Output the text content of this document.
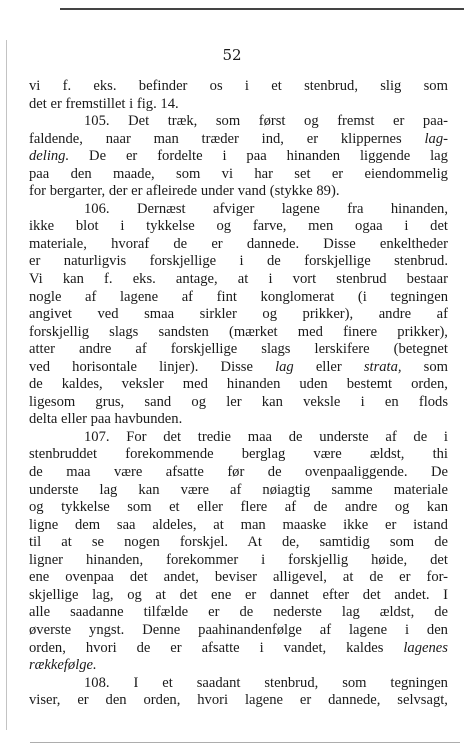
52
vi f. eks. befinder os i et stenbrud, slig som
det er fremstillet i fig. 14.
105. Det træk, som først og fremst er paa-
faldende, naar man træder ind, er klippernes lag-
deling. De er fordelte i paa hinanden liggende lag
paa den maade, som vi har set er eiendommelig
for bergarter, der er afleirede under vand (stykke 89).
106. Dernæst afviger lagene fra hinanden,
ikke blot i tykkelse og farve, men ogaa i det
materiale, hvoraf de er dannede. Disse enkeltheder
er naturligvis forskjellige i de forskjellige stenbrud.
Vi kan f. eks. antage, at i vort stenbrud bestaar
nogle af lagene af fint konglomerat (i tegningen
angivet ved smaa sirkler og prikker), andre af
forskjellig slags sandsten (mærket med finere prikker),
atter andre af forskjellige slags lerskifere (betegnet
ved horisontale linjer). Disse lag eller strata, som
de kaldes, veksler med hinanden uden bestemt orden,
ligesom grus, sand og ler kan veksle i en flods
delta eller paa havbunden.
107. For det tredie maa de underste af de i
stenbruddet forekommende berglag være ældst, thi
de maa være afsatte før de ovenpaaliggende. De
underste lag kan være af nøiagtig samme materiale
og tykkelse som et eller flere af de andre og kan
ligne dem saa aldeles, at man maaske ikke er istand
til at se nogen forskjel. At de, samtidig som de
ligner hinanden, forekommer i forskjellig høide, det
ene ovenpaa det andet, beviser alligevel, at de er for-
skjellige lag, og at det ene er dannet efter det andet. I
alle saadanne tilfælde er de nederste lag ældst, de
øverste yngst. Denne paahinandenfølge af lagene i den
orden, hvori de er afsatte i vandet, kaldes lagenes
rækkefølge.
108. I et saadant stenbrud, som tegningen
viser, er den orden, hvori lagene er dannede, selvsagt,
